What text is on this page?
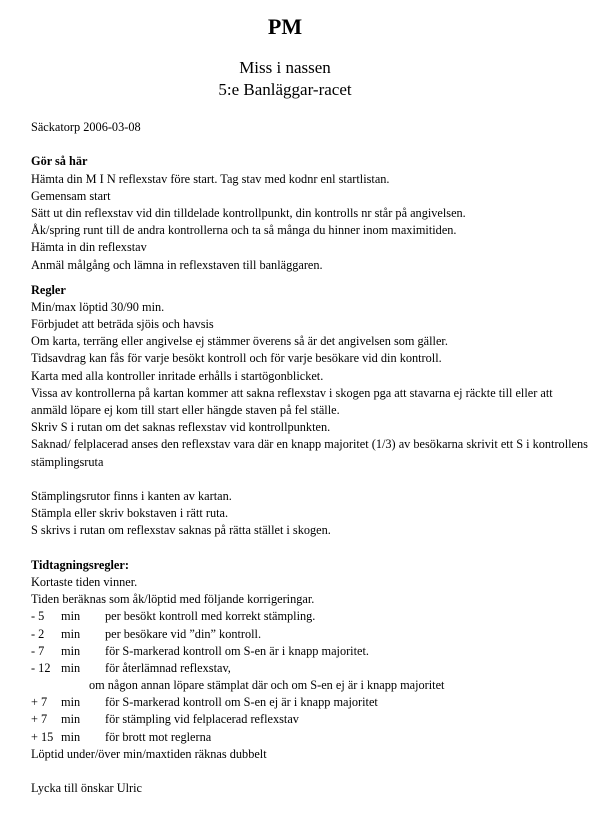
PM
Miss i nassen
5:e Banläggar-racet
Säckatorp 2006-03-08
Gör så här
Hämta din M I N reflexstav före start. Tag stav med kodnr enl startlistan.
Gemensam start
Sätt ut din reflexstav vid din tilldelade kontrollpunkt, din kontrolls nr står på angivelsen.
Åk/spring runt till de andra kontrollerna och ta så många du hinner inom maximitiden.
Hämta in din reflexstav
Anmäl målgång och lämna in reflexstaven till banläggaren.
Regler
Min/max löptid 30/90 min.
Förbjudet att beträda sjöis och havsis
Om karta, terräng eller angivelse ej stämmer överens så är det angivelsen som gäller.
Tidsavdrag kan fås för varje besökt kontroll och för varje besökare vid din kontroll.
Karta med alla kontroller inritade erhålls i startögonblicket.
Vissa av kontrollerna på kartan kommer att sakna reflexstav i skogen pga att stavarna ej räckte till eller att anmäld löpare ej kom till start eller hängde staven på fel ställe.
Skriv S i rutan om det saknas reflexstav vid kontrollpunkten.
Saknad/ felplacerad anses den reflexstav vara där en knapp majoritet (1/3) av besökarna skrivit ett S i kontrollens stämplingsruta
Stämplingsrutor finns i kanten av kartan.
Stämpla eller skriv bokstaven i rätt ruta.
S skrivs i rutan om reflexstav saknas på rätta stället i skogen.
Tidtagningsregler:
Kortaste tiden vinner.
Tiden beräknas som åk/löptid med följande korrigeringar.
- 5 min per besökt kontroll med korrekt stämpling.
- 2 min per besökare vid ”din” kontroll.
- 7 min för S-markerad kontroll om S-en är i knapp majoritet.
- 12 min för återlämnad reflexstav,
om någon annan löpare stämplat där och om S-en ej är i knapp majoritet
+ 7 min för S-markerad kontroll om S-en ej är i knapp majoritet
+ 7 min för stämpling vid felplacerad reflexstav
+ 15 min för brott mot reglerna
Löptid under/över min/maxtiden räknas dubbelt
Lycka till önskar Ulric
